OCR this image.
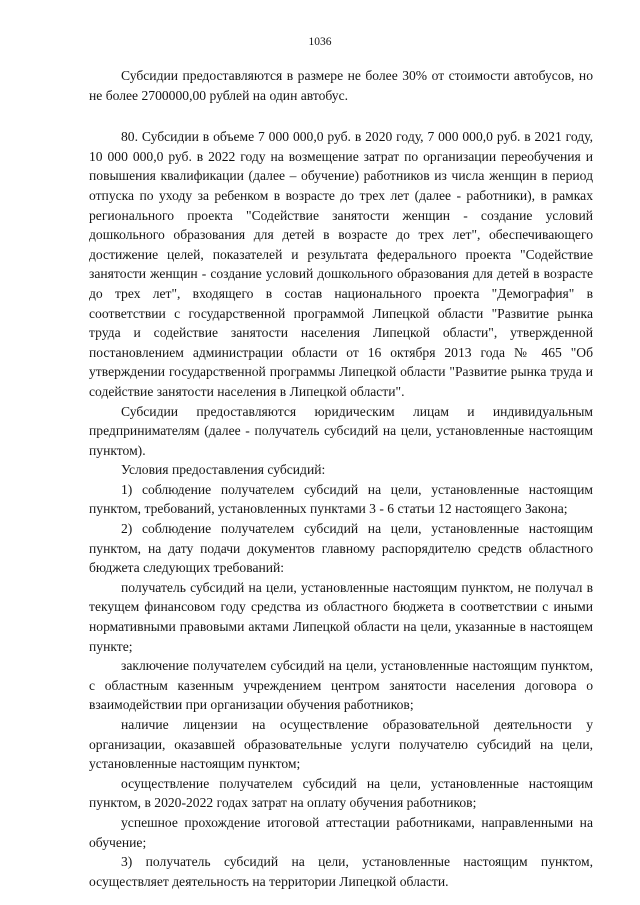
1036

Субсидии предоставляются в размере не более 30% от стоимости автобусов, но не более 2700000,00 рублей на один автобус.

80. Субсидии в объеме 7 000 000,0 руб. в 2020 году, 7 000 000,0 руб. в 2021 году, 10 000 000,0 руб. в 2022 году на возмещение затрат по организации переобучения и повышения квалификации (далее – обучение) работников из числа женщин в период отпуска по уходу за ребенком в возрасте до трех лет (далее - работники), в рамках регионального проекта "Содействие занятости женщин - создание условий дошкольного образования для детей в возрасте до трех лет", обеспечивающего достижение целей, показателей и результата федерального проекта "Содействие занятости женщин - создание условий дошкольного образования для детей в возрасте до трех лет", входящего в состав национального проекта "Демография" в соответствии с государственной программой Липецкой области "Развитие рынка труда и содействие занятости населения Липецкой области", утвержденной постановлением администрации области от 16 октября 2013 года № 465 "Об утверждении государственной программы Липецкой области "Развитие рынка труда и содействие занятости населения в Липецкой области".

Субсидии предоставляются юридическим лицам и индивидуальным предпринимателям (далее - получатель субсидий на цели, установленные настоящим пунктом).

Условия предоставления субсидий:

1) соблюдение получателем субсидий на цели, установленные настоящим пунктом, требований, установленных пунктами 3 - 6 статьи 12 настоящего Закона;

2) соблюдение получателем субсидий на цели, установленные настоящим пунктом, на дату подачи документов главному распорядителю средств областного бюджета следующих требований:

получатель субсидий на цели, установленные настоящим пунктом, не получал в текущем финансовом году средства из областного бюджета в соответствии с иными нормативными правовыми актами Липецкой области на цели, указанные в настоящем пункте;

заключение получателем субсидий на цели, установленные настоящим пунктом, с областным казенным учреждением центром занятости населения договора о взаимодействии при организации обучения работников;

наличие лицензии на осуществление образовательной деятельности у организации, оказавшей образовательные услуги получателю субсидий на цели, установленные настоящим пунктом;

осуществление получателем субсидий на цели, установленные настоящим пунктом, в 2020-2022 годах затрат на оплату обучения работников;

успешное прохождение итоговой аттестации работниками, направленными на обучение;

3) получатель субсидий на цели, установленные настоящим пунктом, осуществляет деятельность на территории Липецкой области.
